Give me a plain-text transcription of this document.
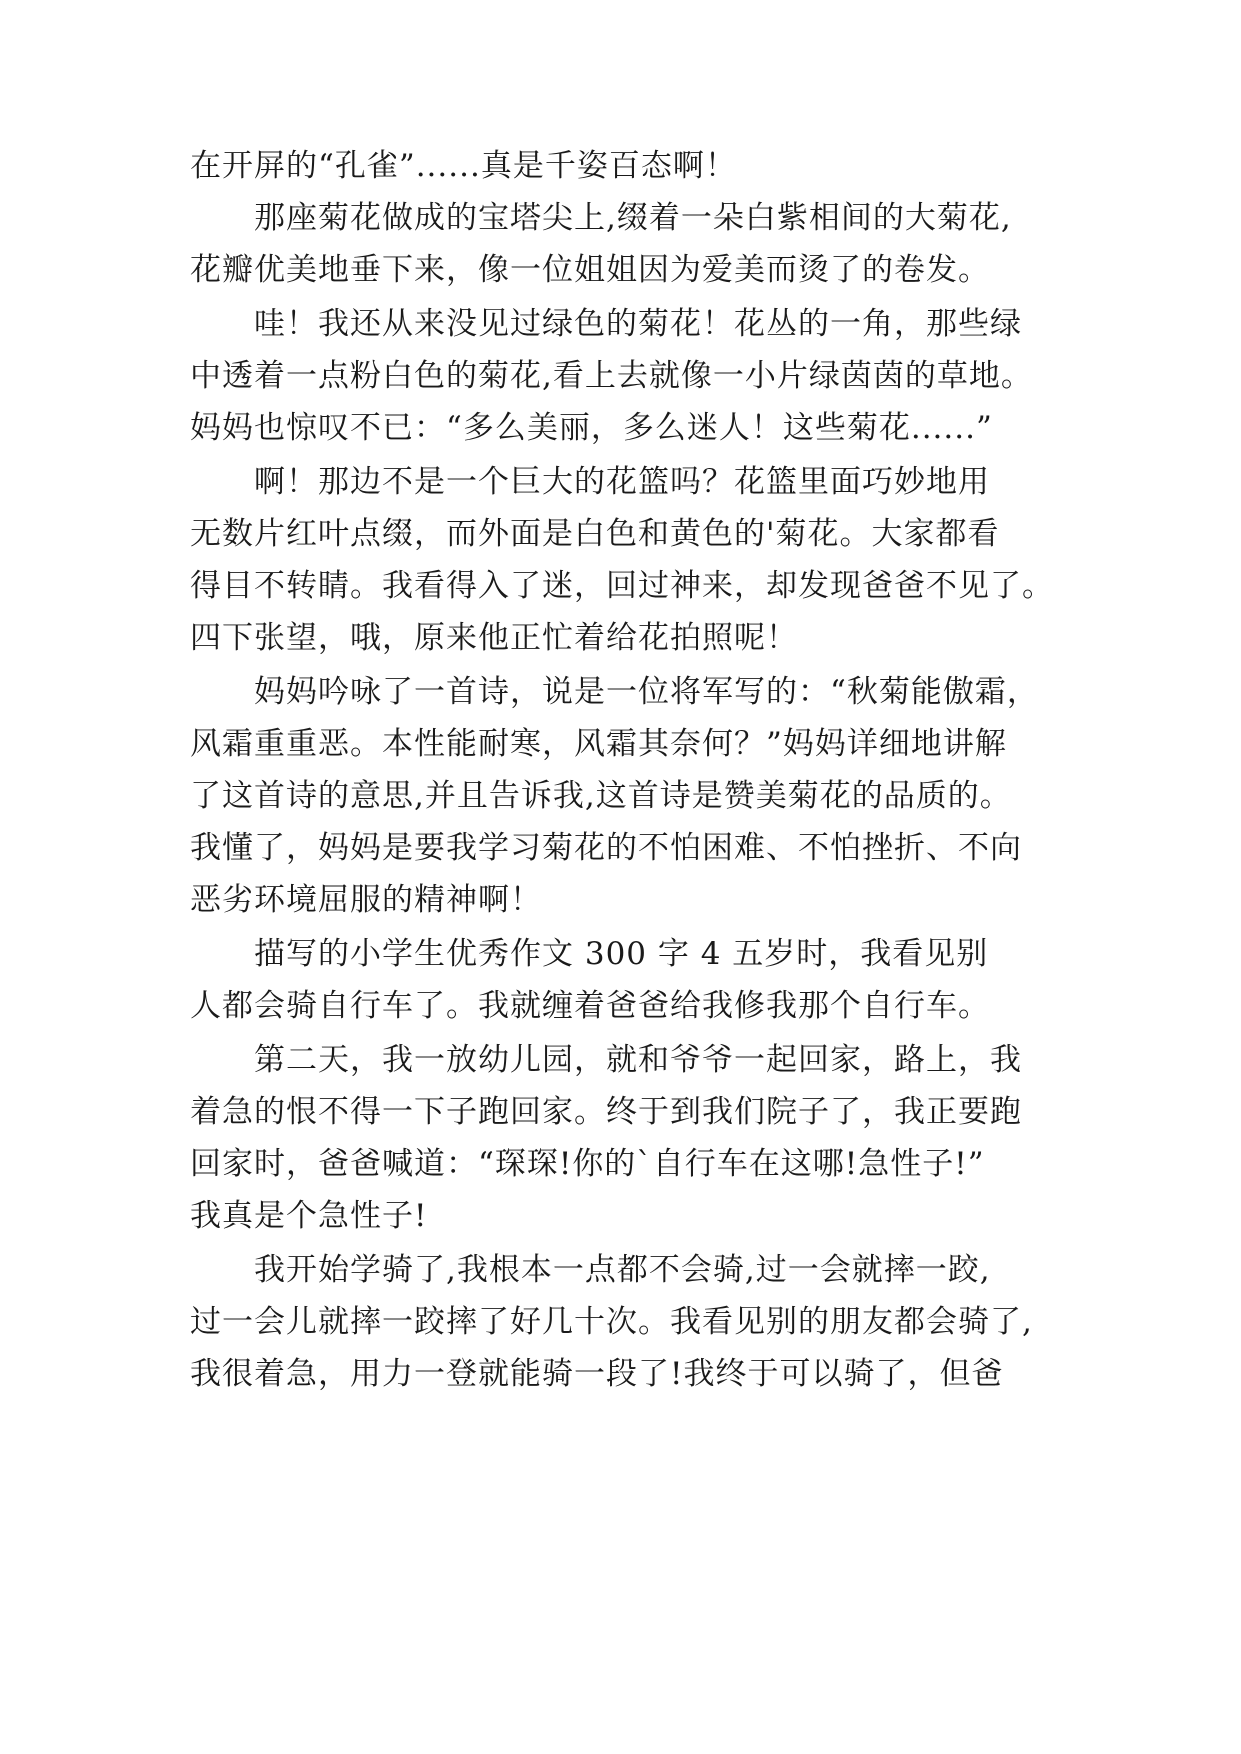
在开屏的“孔雀”......真是千姿百态啊！
那座菊花做成的宝塔尖上,缀着一朵白紫相间的大菊花,
花瓣优美地垂下来，像一位姐姐因为爱美而烫了的卷发。
哇！我还从来没见过绿色的菊花！花丛的一角，那些绿
中透着一点粉白色的菊花,看上去就像一小片绿茵茵的草地。
妈妈也惊叹不已：“多么美丽，多么迷人！这些菊花......”
啊！那边不是一个巨大的花篮吗？花篮里面巧妙地用
无数片红叶点缀，而外面是白色和黄色的'菊花。大家都看
得目不转睛。我看得入了迷，回过神来，却发现爸爸不见了。
四下张望，哦，原来他正忙着给花拍照呢！
妈妈吟咏了一首诗，说是一位将军写的：“秋菊能傲霜，
风霜重重恶。本性能耐寒，风霜其奈何？”妈妈详细地讲解
了这首诗的意思,并且告诉我,这首诗是赞美菊花的品质的。
我懂了，妈妈是要我学习菊花的不怕困难、不怕挫折、不向
恶劣环境屈服的精神啊！
描写的小学生优秀作文 300 字 4 五岁时，我看见别
人都会骑自行车了。我就缠着爸爸给我修我那个自行车。
第二天，我一放幼儿园，就和爷爷一起回家，路上，我
着急的恨不得一下子跑回家。终于到我们院子了，我正要跑
回家时，爸爸喊道：“琛琛!你的`自行车在这哪!急性子!”
我真是个急性子!
我开始学骑了,我根本一点都不会骑,过一会就摔一跤,
过一会儿就摔一跤摔了好几十次。我看见别的朋友都会骑了,
我很着急，用力一登就能骑一段了!我终于可以骑了，但爸
